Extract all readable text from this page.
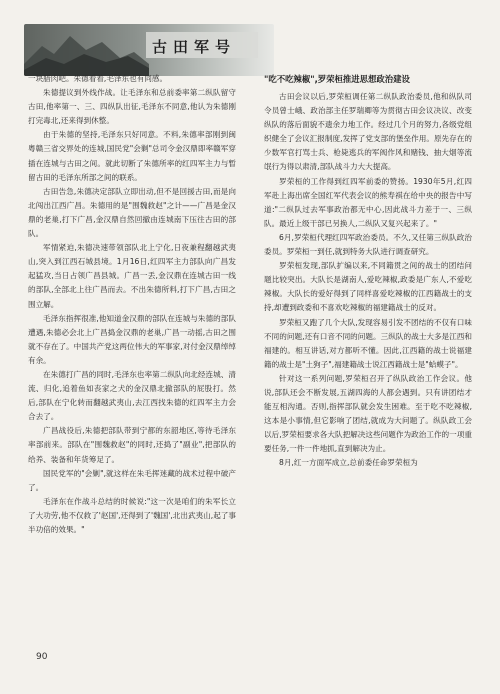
古田军号

一块腊肉吧。朱德看着,毛泽东也有同感。

朱德提议到外线作战。让毛泽东和总前委率第二纵队留守古田,他率第一、三、四纵队出征,毛泽东不同意,他认为朱德刚打完毒北,还来得到休整。

由于朱德的坚持,毛泽东只好同意。不料,朱德率部刚到闽粤赣三省交界处的连城,国民党"会剿"总司令金汉鼎即率赣军穿插在连城与古田之间。就此切断了朱德所率的红四军主力与暂留古田的毛泽东所部之间的联系。

古田告急,朱德决定部队立即出动,但不是回援古田,而是向北闯出江西广昌。朱德用的是"围魏救赵"之计——广昌是金汉鼎的老巢,打下广昌,金汉鼎自然回撤由连城南下压往古田的部队。

军情紧迫,朱德决速带领部队北上宁化,日夜兼程翻越武夷山,突入到江西石城县境。1月16日,红四军主力部队向广昌发起猛攻,当日占领广昌县城。广昌一丢,金汉鼎在连城古田一线的部队,全部北上往广昌而去。不出朱德所料,打下广昌,古田之围立解。

毛泽东指挥很准,他知道金汉鼎的部队在连城与朱德的部队遭遇,朱德必会北上广昌捣金汉鼎的老巢,广昌一动摇,古田之围就不存在了。中国共产党这两位伟大的军事家,对付金汉鼎绰绰有余。

在朱德打广昌的同时,毛泽东也率第二纵队向北经连城、清流、归化,追着鱼如丧家之犬的金汉鼎北撤部队的屁股打。然后,部队在宁化转而翻越武夷山,去江西找朱德的红四军主力会合去了。

广昌战役后,朱德把部队带到宁都的东韶地区,等待毛泽东率部前来。部队在"围魏救赵"的同时,还捣了"副业",把部队的给养、装备和年货筹足了。

国民党军的"会剿",就这样在朱毛挥迷藏的战术过程中破产了。

毛泽东在作战斗总结的时候说:"这一次是咱们的朱军长立了大功劳,他不仅救了'赵国',还得到了'魏国',北出武夷山,起了事半功倍的效果。"

"吃不吃辣椒",罗荣桓推进思想政治建设

古田会议以后,罗荣桓调任第二纵队政治委员,他和纵队司令员曾士峨、政治部主任罗瑞卿等为贯彻古田会议决议、改变纵队的落后面貌不遗余力地工作。经过几个月的努力,各级党组织健全了会议汇报制度,发挥了党支部的堡垒作用。原先存在的少数军官打骂士兵、枪毙逃兵的军阀作风和赌钱、抽大烟等流氓行为得以肃清,部队战斗力大大提高。

罗荣桓的工作得到红四军前委的赞扬。1930年5月,红四军赴上海出席全国红军代表会议的熊寿祺在给中央的报告中写道:"二纵队过去军事政治都无中心,因此战斗力差于一、三纵队。最近上级干部已另换人,二纵队又复兴起来了。"

6月,罗荣桓代理红四军政治委员。不久,又任第三纵队政治委员。罗荣桓一到任,就到特务大队进行调查研究。

罗荣桓发现,部队扩编以来,不同籍贯之间的战士的团结问题比较突出。大队长是湖南人,爱吃辣椒,政委是广东人,不爱吃辣椒。大队长的爱好得到了同样喜爱吃辣椒的江西籍战士的支持,却遭到政委和不喜欢吃辣椒的福建籍战士的反对。

罗荣桓又跑了几个大队,发现容易引发不团结的不仅有口味不同的问题,还有口音不同的问题。三纵队的战士大多是江西和福建的。相互讲话,对方都听不懂。因此,江西籍的战士说福建籍的战士是"土狗子",福建籍战士说江西籍战士是"蛤蟆子"。

针对这一系列问题,罗荣桓召开了纵队政治工作会议。他说,部队还会不断发展,五湖四海的人都会遇到。只有讲团结才能互相沟通。否则,指挥部队就会发生困难。至于吃不吃辣椒,这本是小事情,但它影响了团结,就成为大问题了。纵队政工会以后,罗荣桓要求各大队把解决这些问题作为政治工作的一项重要任务,一件一件地抓,直到解决为止。

8月,红一方面军成立,总前委任命罗荣桓为

90
